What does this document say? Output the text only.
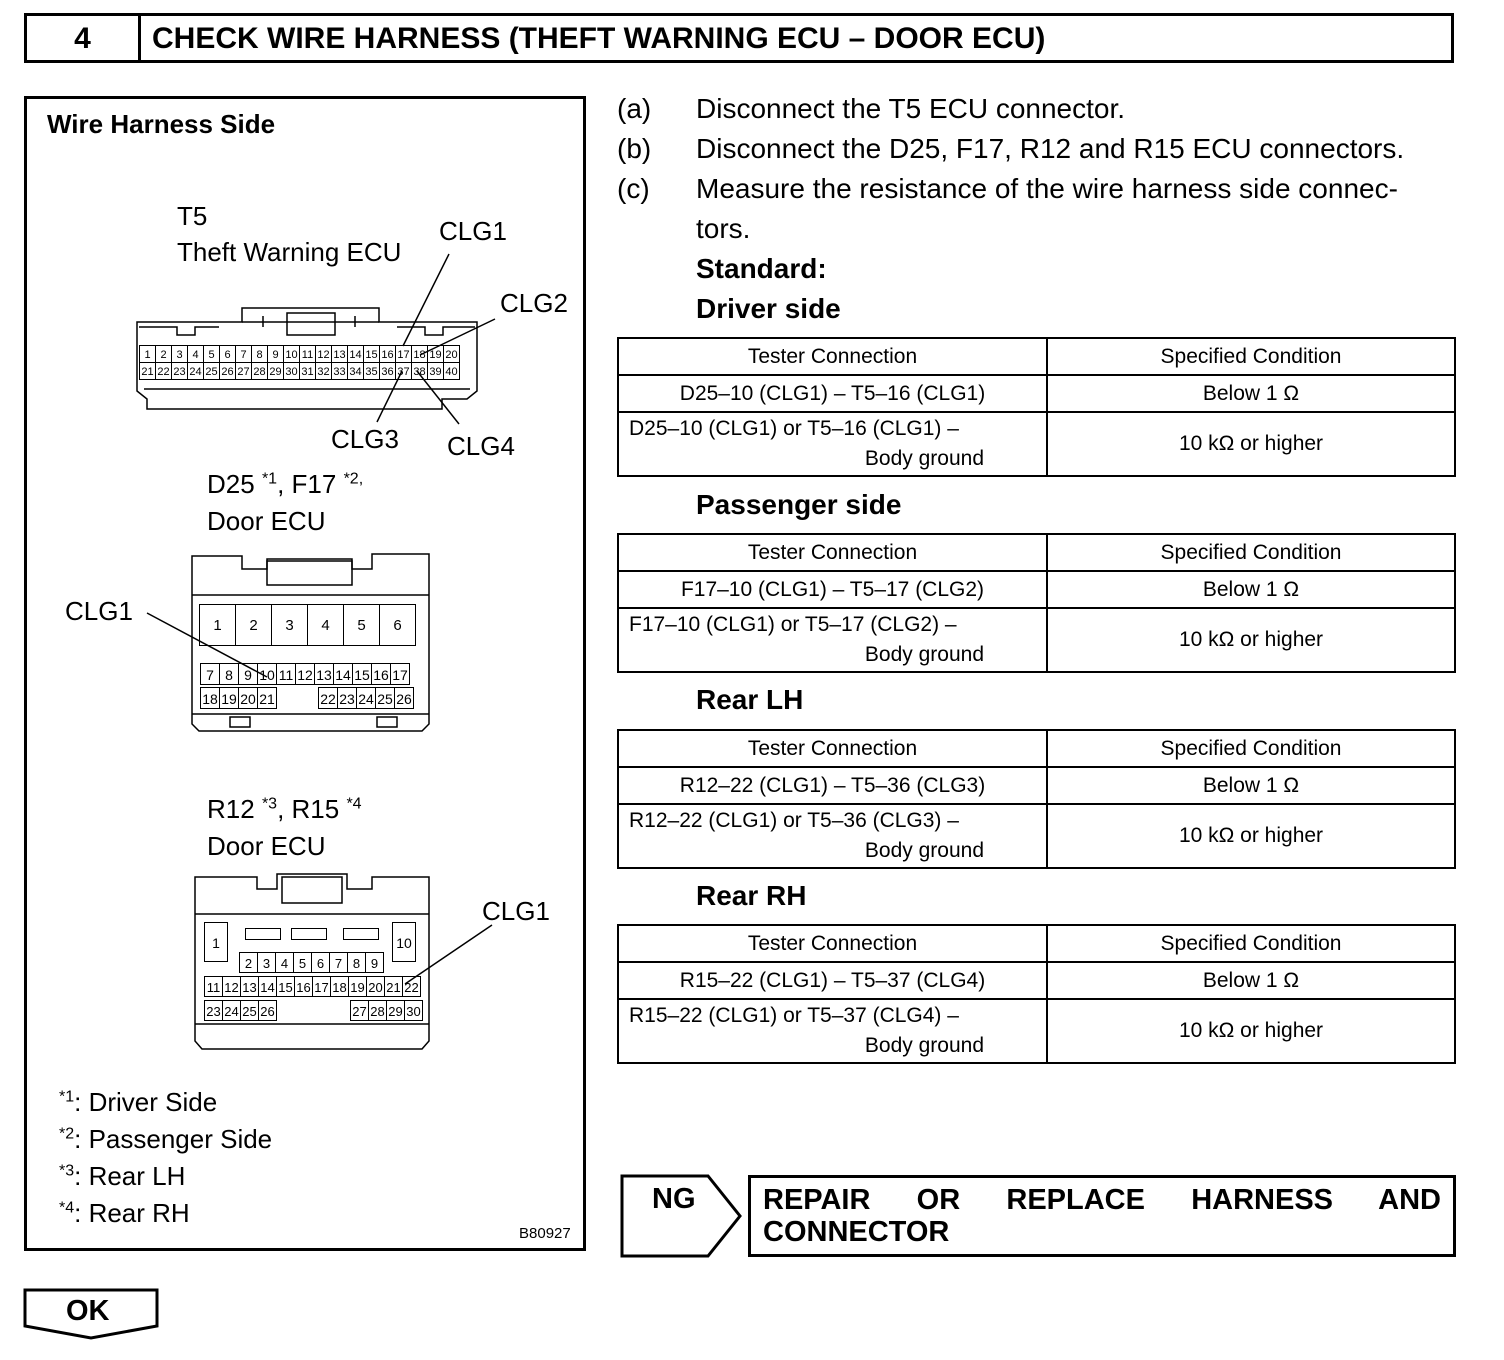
4	CHECK WIRE HARNESS (THEFT WARNING ECU – DOOR ECU)
Wire Harness Side
T5
Theft Warning ECU
CLG1
CLG2
CLG3 CLG4
D25 $^{*1}$, F17 $^{*2,}$
Door ECU
CLG1
R12 $^{*3}$, R15 $^{*4}$
Door ECU
CLG1
$^{*1}$: Driver Side
$^{*2}$: Passenger Side
$^{*3}$: Rear LH
$^{*4}$: Rear RH
B80927
1 2 3 4 5 6 7 8 9 10 11 12 13 14 15 16 17 18 19 20
21 22 23 24 25 26 27 28 29 30 31 32 33 34 35 36 37 38 39 40
1	2	3	4	5	6
7 8 9 10 11 12 13 14 15 16 17
18 19 20 21	22 23 24 25 26
1	10
2 3 4 5 6 7 8 9
11 12 13 14 15 16 17 18 19 20 21 22
23 24 25 26	27 28 29 30
(a) Disconnect the T5 ECU connector.
(b) Disconnect the D25, F17, R12 and R15 ECU connectors.
(c) Measure the resistance of the wire harness side connec-
tors.
Standard:
Driver side
Tester Connection	Specified Condition
D25–10 (CLG1) – T5–16 (CLG1)	Below 1 Ω

D25–10 (CLG1) or T5–16 (CLG1) –
Body ground	10 kΩ or higher
Passenger side
Tester Connection	Specified Condition
F17–10 (CLG1) – T5–17 (CLG2)	Below 1 Ω

F17–10 (CLG1) or T5–17 (CLG2) –
Body ground	10 kΩ or higher
Rear LH
Tester Connection	Specified Condition
R12–22 (CLG1) – T5–36 (CLG3)	Below 1 Ω

R12–22 (CLG1) or T5–36 (CLG3) –
Body ground	10 kΩ or higher
Rear RH
Tester Connection	Specified Condition
R15–22 (CLG1) – T5–37 (CLG4)	Below 1 Ω

R15–22 (CLG1) or T5–37 (CLG4) –
Body ground	10 kΩ or higher
NG REPAIR OR REPLACE HARNESS AND
CONNECTOR
OK
